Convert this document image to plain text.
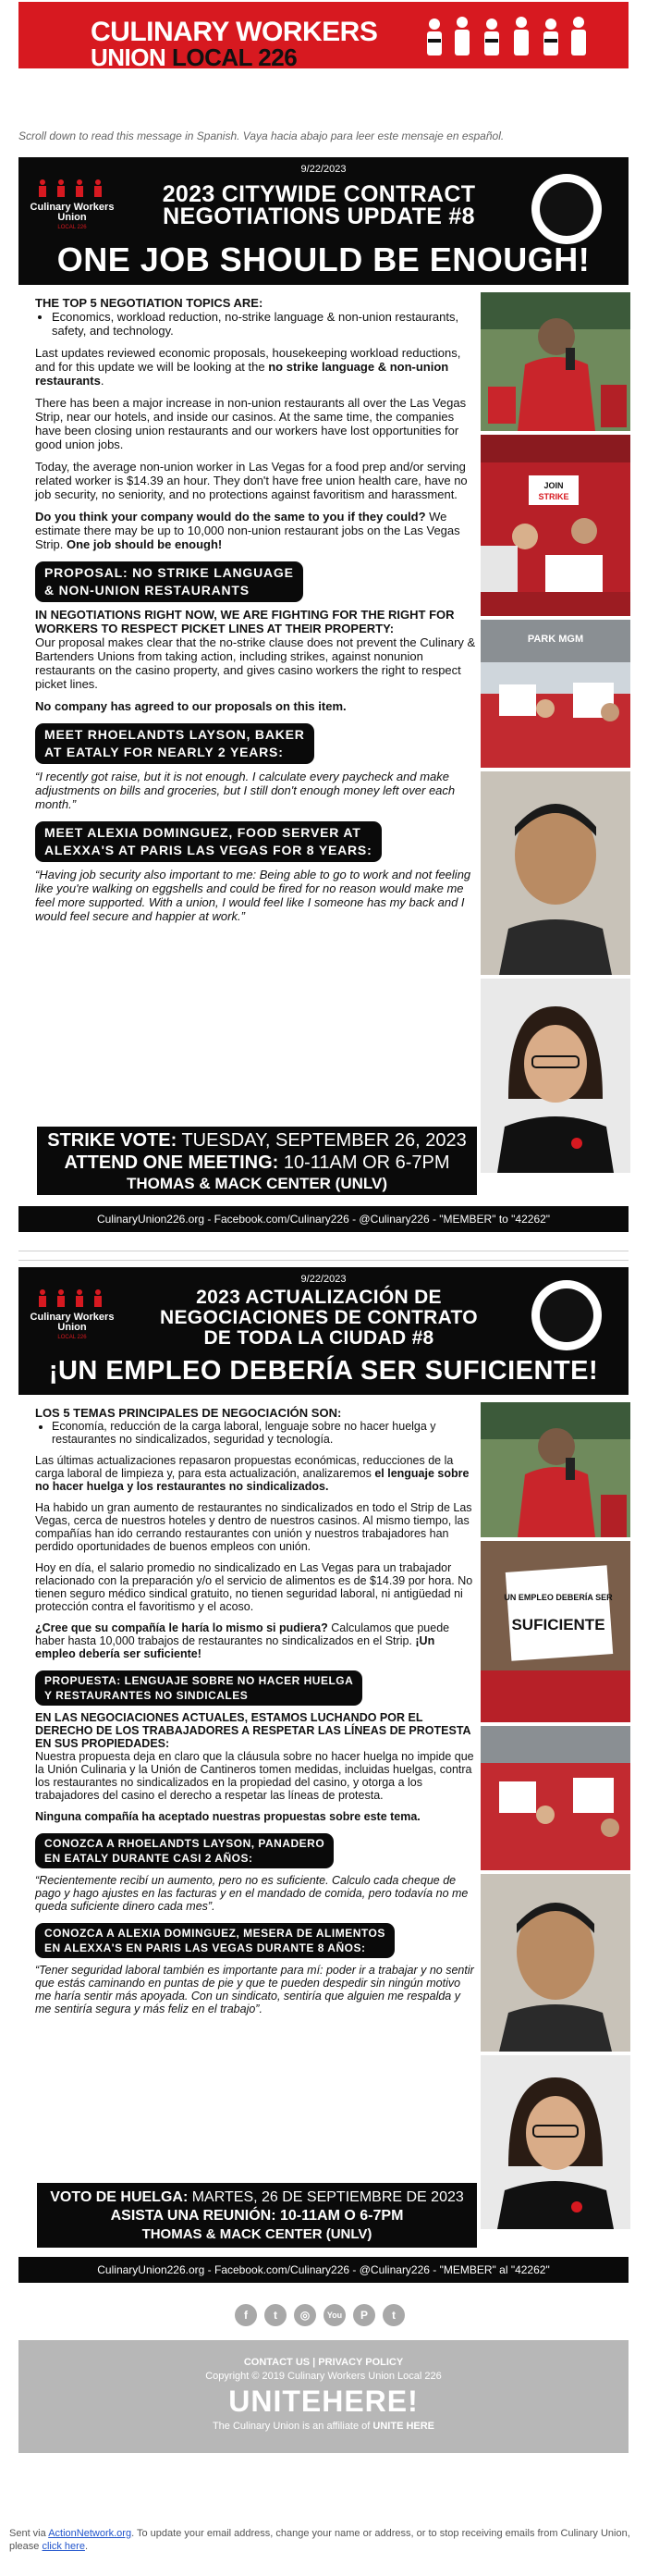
CULINARY WORKERS
UNION LOCAL 226
Scroll down to read this message in Spanish. Vaya hacia abajo para leer este mensaje en español.
9/22/2023
Culinary Workers Union
LOCAL 226
2023 CITYWIDE CONTRACT
NEGOTIATIONS UPDATE #8
ONE JOB SHOULD BE ENOUGH!
THE TOP 5 NEGOTIATION TOPICS ARE:
• Economics, workload reduction, no-strike language & non-union restaurants, safety, and technology.

Last updates reviewed economic proposals, housekeeping workload reductions, and for this update we will be looking at the no strike language & non-union restaurants.

There has been a major increase in non-union restaurants all over the Las Vegas Strip, near our hotels, and inside our casinos. At the same time, the companies have been closing union restaurants and our workers have lost opportunities for good union jobs.

Today, the average non-union worker in Las Vegas for a food prep and/or serving related worker is $14.39 an hour. They don't have free union health care, have no job security, no seniority, and no protections against favoritism and harassment.

Do you think your company would do the same to you if they could? We estimate there may be up to 10,000 non-union restaurant jobs on the Las Vegas Strip. One job should be enough!

PROPOSAL: NO STRIKE LANGUAGE
& NON-UNION RESTAURANTS

IN NEGOTIATIONS RIGHT NOW, WE ARE FIGHTING FOR THE RIGHT FOR WORKERS TO RESPECT PICKET LINES AT THEIR PROPERTY:

Our proposal makes clear that the no-strike clause does not prevent the Culinary & Bartenders Unions from taking action, including strikes, against nonunion restaurants on the casino property, and gives casino workers the right to respect picket lines.

No company has agreed to our proposals on this item.

MEET RHOELANDTS LAYSON, BAKER
AT EATALY FOR NEARLY 2 YEARS:

“I recently got raise, but it is not enough. I calculate every paycheck and make adjustments on bills and groceries, but I still don't enough money left over each month.”

MEET ALEXIA DOMINGUEZ, FOOD SERVER AT
ALEXXA'S AT PARIS LAS VEGAS FOR 8 YEARS:

“Having job security also important to me: Being able to go to work and not feeling like you're walking on eggshells and could be fired for no reason would make me feel more supported. With a union, I would feel like I someone has my back and I would feel secure and happier at work.”

JOIN
STRIKE
PARK MGM
STRIKE VOTE: TUESDAY, SEPTEMBER 26, 2023
ATTEND ONE MEETING: 10-11AM OR 6-7PM
THOMAS & MACK CENTER (UNLV)
CulinaryUnion226.org - Facebook.com/Culinary226 - @Culinary226 - "MEMBER" to "42262"
9/22/2023
Culinary Workers Union
LOCAL 226
2023 ACTUALIZACIÓN DE
NEGOCIACIONES DE CONTRATO
DE TODA LA CIUDAD #8
¡UN EMPLEO DEBERÍA SER SUFICIENTE!
LOS 5 TEMAS PRINCIPALES DE NEGOCIACIÓN SON:
• Economía, reducción de la carga laboral, lenguaje sobre no hacer huelga y restaurantes no sindicalizados, seguridad y tecnología.

Las últimas actualizaciones repasaron propuestas económicas, reducciones de la carga laboral de limpieza y, para esta actualización, analizaremos el lenguaje sobre no hacer huelga y los restaurantes no sindicalizados.

Ha habido un gran aumento de restaurantes no sindicalizados en todo el Strip de Las Vegas, cerca de nuestros hoteles y dentro de nuestros casinos. Al mismo tiempo, las compañías han ido cerrando restaurantes con unión y nuestros trabajadores han perdido oportunidades de buenos empleos con unión.

Hoy en día, el salario promedio no sindicalizado en Las Vegas para un trabajador relacionado con la preparación y/o el servicio de alimentos es de $14.39 por hora. No tienen seguro médico sindical gratuito, no tienen seguridad laboral, ni antigüedad ni protección contra el favoritismo y el acoso.

¿Cree que su compañía le haría lo mismo si pudiera? Calculamos que puede haber hasta 10,000 trabajos de restaurantes no sindicalizados en el Strip. ¡Un empleo debería ser suficiente!

PROPUESTA: LENGUAJE SOBRE NO HACER HUELGA
Y RESTAURANTES NO SINDICALES

EN LAS NEGOCIACIONES ACTUALES, ESTAMOS LUCHANDO POR EL DERECHO DE LOS TRABAJADORES A RESPETAR LAS LÍNEAS DE PROTESTA EN SUS PROPIEDADES:

Nuestra propuesta deja en claro que la cláusula sobre no hacer huelga no impide que la Unión Culinaria y la Unión de Cantineros tomen medidas, incluidas huelgas, contra los restaurantes no sindicalizados en la propiedad del casino, y otorga a los trabajadores del casino el derecho a respetar las líneas de protesta.

Ninguna compañía ha aceptado nuestras propuestas sobre este tema.

CONOZCA A RHOELANDTS LAYSON, PANADERO
EN EATALY DURANTE CASI 2 AÑOS:

“Recientemente recibí un aumento, pero no es suficiente. Calculo cada cheque de pago y hago ajustes en las facturas y en el mandado de comida, pero todavía no me queda suficiente dinero cada mes”.

CONOZCA A ALEXIA DOMINGUEZ, MESERA DE ALIMENTOS
EN ALEXXA'S EN PARIS LAS VEGAS DURANTE 8 AÑOS:

“Tener seguridad laboral también es importante para mí: poder ir a trabajar y no sentir que estás caminando en puntas de pie y que te pueden despedir sin ningún motivo me haría sentir más apoyada. Con un sindicato, sentiría que alguien me respalda y me sentiría segura y más feliz en el trabajo”.

UN EMPLEO DEBERÍA SER
SUFICIENTE
VOTO DE HUELGA: MARTES, 26 DE SEPTIEMBRE DE 2023
ASISTA UNA REUNIÓN: 10-11AM O 6-7PM
THOMAS & MACK CENTER (UNLV)
CulinaryUnion226.org - Facebook.com/Culinary226 - @Culinary226 - "MEMBER" al "42262"
f	t	◎	You	P	t
CONTACT US | PRIVACY POLICY
Copyright © 2019 Culinary Workers Union Local 226
UNITEHERE!
The Culinary Union is an affiliate of UNITE HERE
Sent via ActionNetwork.org. To update your email address, change your name or address, or to stop receiving emails from Culinary Union, please click here.
